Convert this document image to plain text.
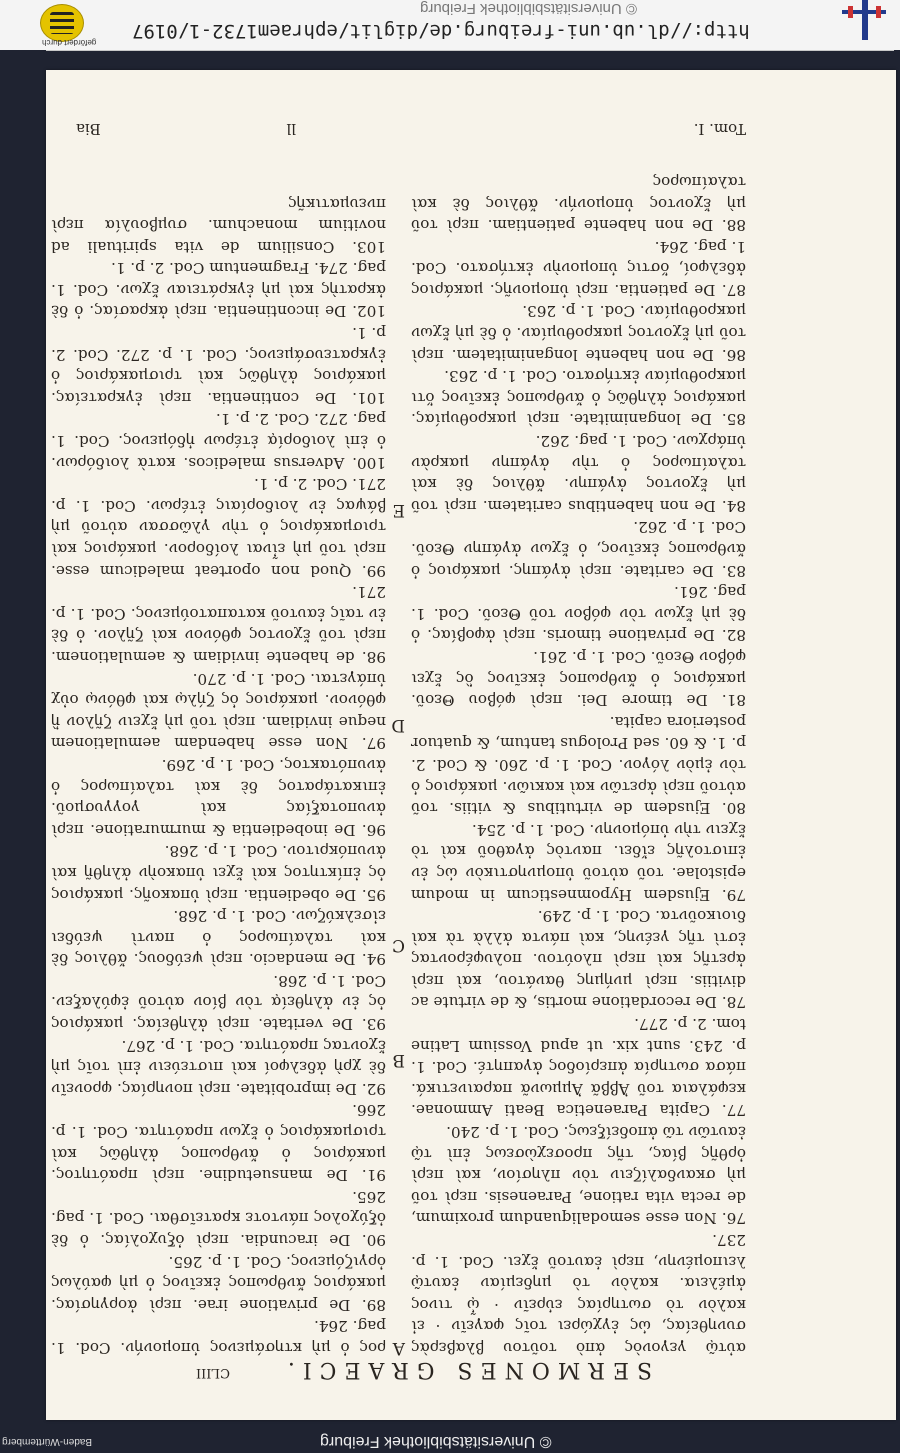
gefördert durch
© Universitätsbibliothek Freiburg
http://dl.ub.uni-freiburg.de/diglit/ephraem1732-1/0197
SERMONES GRAECI.
CLIII

αὐτῷ γεγονὸς ἀπὸ τοῦτου βλαβερὰς συνηθείας, ὡς ἐγχώρει τοῖς φαγεῖν · εἰ καλὸν τὸ σωτηρίας εὑρεῖν · ᾧ τινος ἀμέλεια. καλὸν τὸ μηδεμίαν ἑαυτῷ λειπομένην, περὶ ἑαυτοῦ ἔχει. Cod. 1. p. 237.

76. Non esse semodaliquandum proximum, de recta vita ratione, Paraenesis. περὶ τοῦ μὴ σκανδαλίζειν τὸν πλησίον, καὶ περὶ ὀρθῆς βίας, τῆς προσεχὼσεως ἐπὶ τῷ ἐαυτῶν τῶ ἀποδείξεως. Cod. 1. p. 240.

77. Capita Paraenetica Beati Ammonae. κεφάλαια τοῦ Ἀββᾶ Ἀμμωνᾶ παραινετικά. πάσα σωτηρία ἀπερίοδος ἀγαπητέ. Cod. 1. p. 243. sunt xix. ut apud Vossium Latine tom. 2. p. 277.

78. De recordatione mortis, & de virtute ac divitiis. περὶ μνήμης θανάτου, καὶ περὶ ἀρετῆς καὶ περὶ πλούτου. πολυφέροντας ἐστὶ τῆς γεένης, καὶ πάντα ἀλλὰ τὰ καὶ διοικοῦντα. Cod. 1. p. 249.

79. Ejusdem Hypomnesticum in modum epistolae. τοῦ αὐτοῦ ὑπομνηστικὸν ὡς ἐν ἐπιστολῆς εἴδει. παντὸς ἀγαθοῦ καὶ τὸ ἔχειν τὴν ὑπόμονην. Cod. 1. p. 254.

80. Ejusdem de virtutibus & vitiis. τοῦ αὐτοῦ περὶ ἀρετῶν καὶ κακιῶν. μακάριος ὁ τὸν ἐμὸν λόγον. Cod. 1. p. 260. & Cod. 2. p. 1. & 60. sed Prologus tantum, & quatuor posteriora capita.

81. De timore Dei. περὶ φόβου Θεοῦ. μακάριος ὁ ἄνθρωπος ἐκεῖνος ὃς ἔχει φόβον Θεοῦ. Cod. 1. p. 261.

82. De privatione timoris. περὶ ἀφοβίας. ὁ δὲ μὴ ἔχων τὸν φόβον τοῦ Θεοῦ. Cod. 1. pag. 261.

83. De caritate. περὶ ἀγάπης. μακάριος ὁ ἄνθρωπος ἐκεῖνος, ὁ ἔχων ἀγάπην Θεοῦ. Cod. 1. p. 262.

84. De non habentibus caritatem. περὶ τοῦ μὴ ἔχοντος ἀγάπην. ἄθλιος δὲ καὶ ταλαίπωρος ὁ τὴν ἀγάπην μακρὰν ὑπάρχων. Cod. 1. pag. 262.

85. De longanimitate. περὶ μακροθυμίας. μακάριος ἀληθῶς ὁ ἄνθρωπος ἐκεῖνος ὅτι μακροθυμίαν ἐκτήσατο. Cod. 1. p. 263.

86. De non habente longanimitatem. περὶ τοῦ μὴ ἔχοντος μακροθυμίαν. ὁ δὲ μὴ ἔχων μακροθυμίαν. Cod. 1. p. 263.

87. De patientia. περὶ ὑπομονῆς. μακάριος ἀδελφοί, ὅστις ὑπομονὴν ἐκτήσατο. Cod. 1. pag. 264.

88. De non habente patientiam. περὶ τοῦ μὴ ἔχοντος ὑπομονήν. ἄθλιος δὲ καὶ ταλαίπωρος

ρος ὁ μὴ κτησάμενος ὑπομονήν. Cod. 1. pag. 264.

89. De privatione irae. περὶ ἀοργησίας. μακάριος ἄνθρωπος ἐκεῖνος ὁ μὴ φαύλως ὀργιζόμενος. Cod. 1. p. 265.

90. De iracundia. περὶ ὀξυχολίας. ὁ δὲ ὀξύχολος πάντοτε κρατεῖσθαι. Cod. 1. pag. 265.

91. De mansuetudine. περὶ πραότητος. μακάριος ὁ ἄνθρωπος ἀληθῶς καὶ τρισμακάριος ὁ ἔχων πραότητα. Cod. 1. p. 266.

92. De improbitate. περὶ πονηρίας. φρονεῖν δὲ χρὴ ἀδελφοί καὶ πιστεύειν ἐπὶ τοῖς μὴ ἔχοντας πραότητα. Cod. 1. p. 267.

93. De veritate. περὶ ἀληθείας. μακάριος ὁς ἐν ἀληθείᾳ τὸν βίον αὐτοῦ ἐφύλαξεν. Cod. 1. p. 268.

94. De mendacio. περὶ ψεύδους. ἄθλιος δὲ καὶ ταλαίπωρος ὁ παντὶ ψεύδει εἰσελκύζων. Cod. 1. p. 268.

95. De obedientia. περὶ ὑπακοῆς. μακάριος ὁς ἐπίκτητος καὶ ἔχει ὑπακοὴν ἀληθῆ καὶ ἀνυπόκριτον. Cod. 1. p. 268.

96. De inobedientia & murmuratione. περὶ ἀνυποταξίας καὶ γογγυσμοῦ. ἐπικατάρατος δὲ καὶ ταλαίπωρος ὁ ἀνυπότακτος. Cod. 1. p. 269.

97. Non esse habendam aemulationem neque invidiam. περὶ τοῦ μὴ ἔχειν ζῆλον ἢ φθόνον. μακάριος ὁς ζήλῳ καὶ φθόνῳ οὐχ ὑπάγεται. Cod. 1. p. 270.

98. de habente invidiam & aemulationem. περὶ τοῦ ἔχοντος φθόνον καὶ ζῆλον. ὁ δὲ ἐν ταῖς ἑαυτοῦ καταπατούμενος. Cod. 1. p. 271.

99. Quod non oporteat maledicum esse. περὶ τοῦ μὴ εἶναι λοίδορον. μακάριος καὶ τρισμακάριος ὁ τὴν γλῶσσαν αὐτοῦ μὴ βάψας ἐν λοιδορίαις ἑτέρων. Cod. 1. p. 271. Cod. 2. p. 1.

100. Adversus maledicos. κατὰ λοιδόρων. ὁ ἐπὶ λοιδορίᾳ ἑτέρων ἡδόμενος. Cod. 1. pag. 272. Cod. 2. p. 1.

101. De continentia. περὶ ἐγκρατείας. μακάριος ἀληθῶς καὶ τρισμακάριος ὁ ἐγκρατευσάμενος. Cod. 1. p. 272. Cod. 2. p. 1.

102. De incontinentia. περὶ ἀκρασίας. ὁ δὲ ἀκρατὴς καὶ μὴ ἐγκράτειαν ἔχων. Cod. 1. pag. 274. Fragmentum Cod. 2. p. 1.

103. Consilium de vita spirituali ad novitium monachum. συμβουλία περὶ πνευματικῆς

A
B
C
D
E
Tom. I.
ll
Bia
Baden-Württemberg	© Universitätsbibliothek Freiburg
